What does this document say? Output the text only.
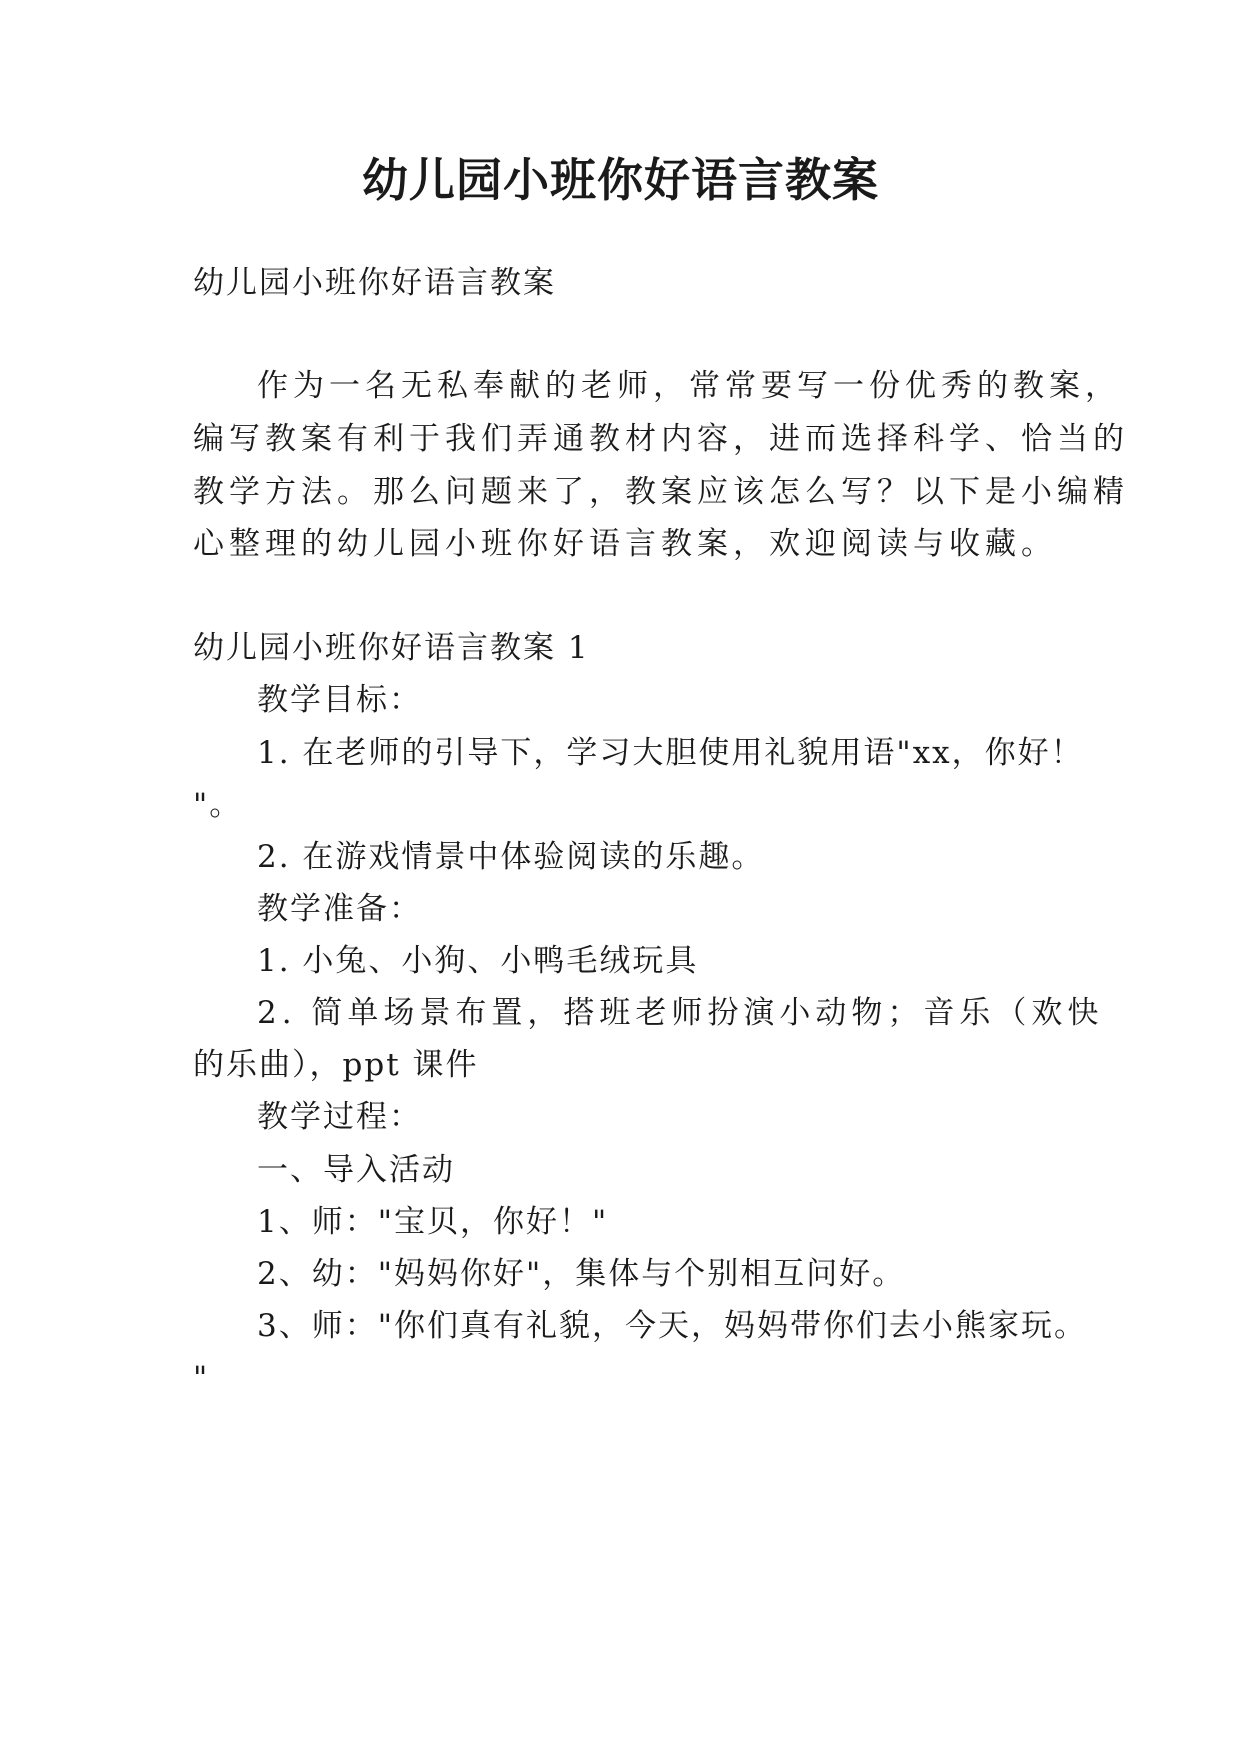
幼儿园小班你好语言教案
幼儿园小班你好语言教案
作为一名无私奉献的老师，常常要写一份优秀的教案，
编写教案有利于我们弄通教材内容，进而选择科学、恰当的
教学方法。那么问题来了，教案应该怎么写？以下是小编精
心整理的幼儿园小班你好语言教案，欢迎阅读与收藏。
幼儿园小班你好语言教案 1
教学目标：
1. 在老师的引导下，学习大胆使用礼貌用语"xx，你好！
"。
2. 在游戏情景中体验阅读的乐趣。
教学准备：
1. 小兔、小狗、小鸭毛绒玩具
2. 简单场景布置，搭班老师扮演小动物；音乐（欢快
的乐曲），ppt 课件
教学过程：
一、导入活动
1、师："宝贝，你好！"
2、幼："妈妈你好"，集体与个别相互问好。
3、师："你们真有礼貌，今天，妈妈带你们去小熊家玩。
"
